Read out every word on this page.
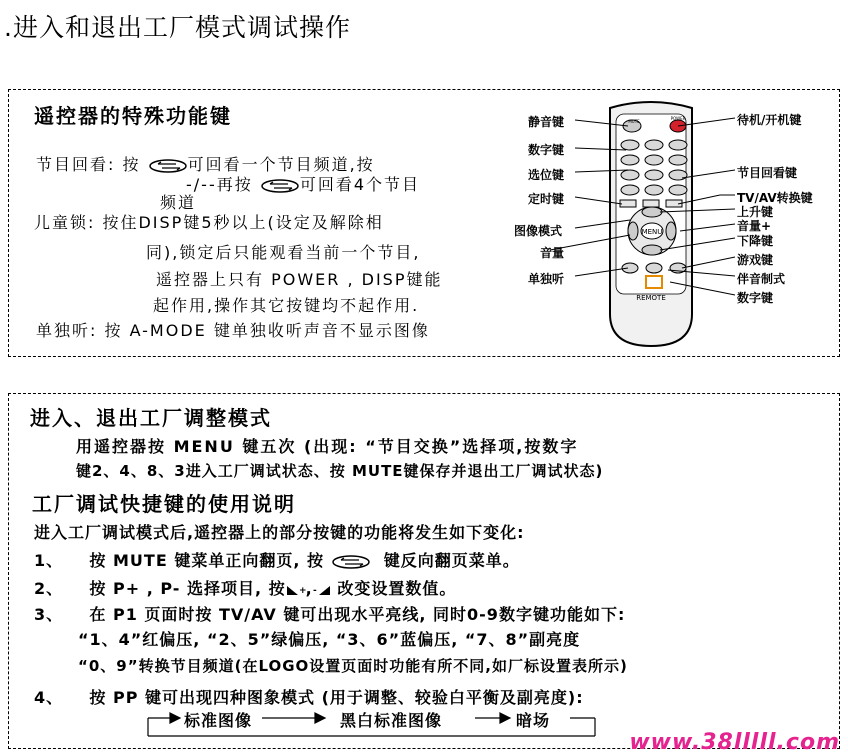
.进入和退出工厂模式调试操作
遥控器的特殊功能键
节目回看: 按	可回看一个节目频道,按
-/--再按	可回看4个节目
频道
儿童锁: 按住DISP键5秒以上(设定及解除相
同),锁定后只能观看当前一个节目,
遥控器上只有 POWER , DISP键能
起作用,操作其它按键均不起作用.
单独听: 按 A-MODE 键单独收听声音不显示图像
MENU
MUTE
POWER
REMOTE
静音键
数字键
选位键
定时键
图像模式
音量
单独听
待机/开机键
节目回看键
TV/AV转换键
上升键
音量+
下降键
游戏键
伴音制式
数字键
进入、退出工厂调整模式
用遥控器按 MENU 键五次 (出现: “节目交换”选择项,按数字
键2、4、8、3进入工厂调试状态、按 MUTE键保存并退出工厂调试状态)
工厂调试快捷键的使用说明
进入工厂调试模式后,遥控器上的部分按键的功能将发生如下变化:
1、 按 MUTE 键菜单正向翻页, 按	键反向翻页菜单。
2、 按 P+ , P- 选择项目, 按 +
, - 改变设置数值。
3、 在 P1 页面时按 TV/AV 键可出现水平亮线, 同时0-9数字键功能如下:
“1、4”红偏压, “2、5”绿偏压, “3、6”蓝偏压, “7、8”副亮度
“0、9”转换节目频道(在LOGO设置页面时功能有所不同,如厂标设置表所示)
4、 按 PP 键可出现四种图象模式 (用于调整、较验白平衡及副亮度):
标准图像	黑白标准图像	暗场
www.38lllll.com
